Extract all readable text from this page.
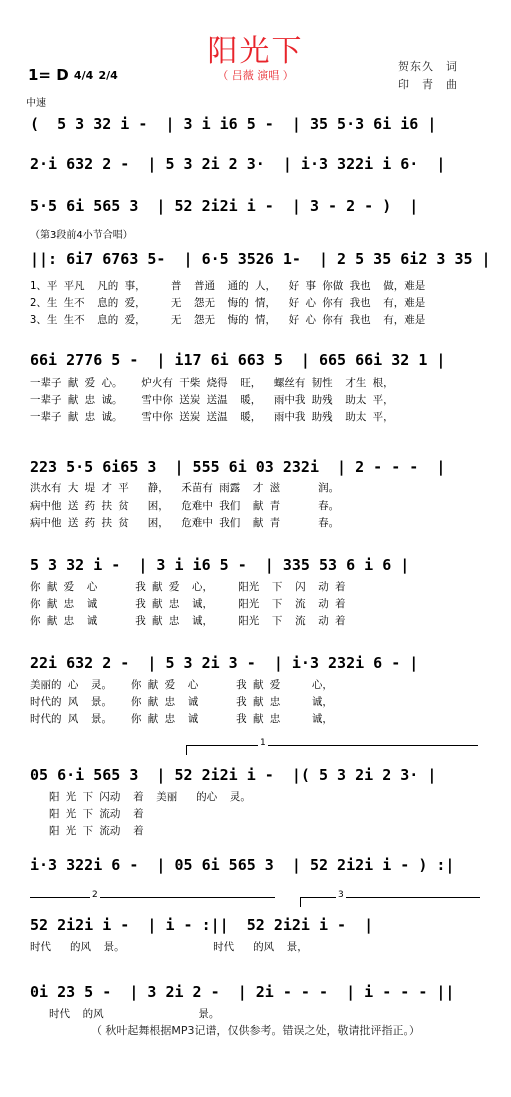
阳光下
（ 吕薇 演唱 ）
贺东久　词
印　青　曲
1= D 4/4 2/4
中速
(  5 3 32 i -  | 3 i i6 5 -  | 35 5·3 6i i6 |
2·i 632 2 -  | 5 3 2i 2 3·  | i·3 322i i 6·  |
5·5 6i 565 3  | 52 2i2i i -  | 3 - 2 - )  |
（第3段前4小节合唱）
||: 6i7 6763 5-  | 6·5 3526 1-  | 2 5 35 6i2 3 35 |
1、平 平凡  凡的 事，    普  普通  通的 人，  好 事 你做 我也  做，难是
2、生 生不  息的 爱，    无  怨无  悔的 情，  好 心 你有 我也  有，难是
3、生 生不  息的 爱，    无  怨无  悔的 情，  好 心 你有 我也  有，难是
66i 2776 5 -  | i17 6i 663 5  | 665 66i 32 1 |
一辈子 献 爱 心。   炉火有 干柴 烧得  旺，  螺丝有 韧性  才生 根，
一辈子 献 忠 诚。   雪中你 送炭 送温  暖，  雨中我 助残  助太 平，
一辈子 献 忠 诚。   雪中你 送炭 送温  暖，  雨中我 助残  助太 平，
223 5·5 6i65 3  | 555 6i 03 232i  | 2 - - -  |
洪水有 大 堤 才 平   静，  禾苗有 雨露  才 滋      润。
病中他 送 药 扶 贫   困，  危难中 我们  献 青      春。
病中他 送 药 扶 贫   困，  危难中 我们  献 青      春。
5 3 32 i -  | 3 i i6 5 -  | 335 53 6 i 6 |
你 献 爱  心      我 献 爱  心，    阳光  下  闪  动 着
你 献 忠  诚      我 献 忠  诚，    阳光  下  流  动 着
你 献 忠  诚      我 献 忠  诚，    阳光  下  流  动 着
22i 632 2 -  | 5 3 2i 3 -  | i·3 232i 6 - |
美丽的 心  灵。   你 献 爱  心      我 献 爱     心，
时代的 风  景。   你 献 忠  诚      我 献 忠     诚，
时代的 风  景。   你 献 忠  诚      我 献 忠     诚，
1
05 6·i 565 3  | 52 2i2i i -  |( 5 3 2i 2 3· |
阳 光 下 闪动  着  美丽   的心  灵。
阳 光 下 流动  着
阳 光 下 流动  着
i·3 322i 6 -  | 05 6i 565 3  | 52 2i2i i - ) :|
2	3
52 2i2i i -  | i - :||  52 2i2i i -  |
时代   的风  景。              时代   的风  景，
0i 23 5 -  | 3 2i 2 -  | 2i - - -  | i - - - ||
时代  的风               景。
（ 秋叶起舞根据MP3记谱，仅供参考。错误之处，敬请批评指正。）
